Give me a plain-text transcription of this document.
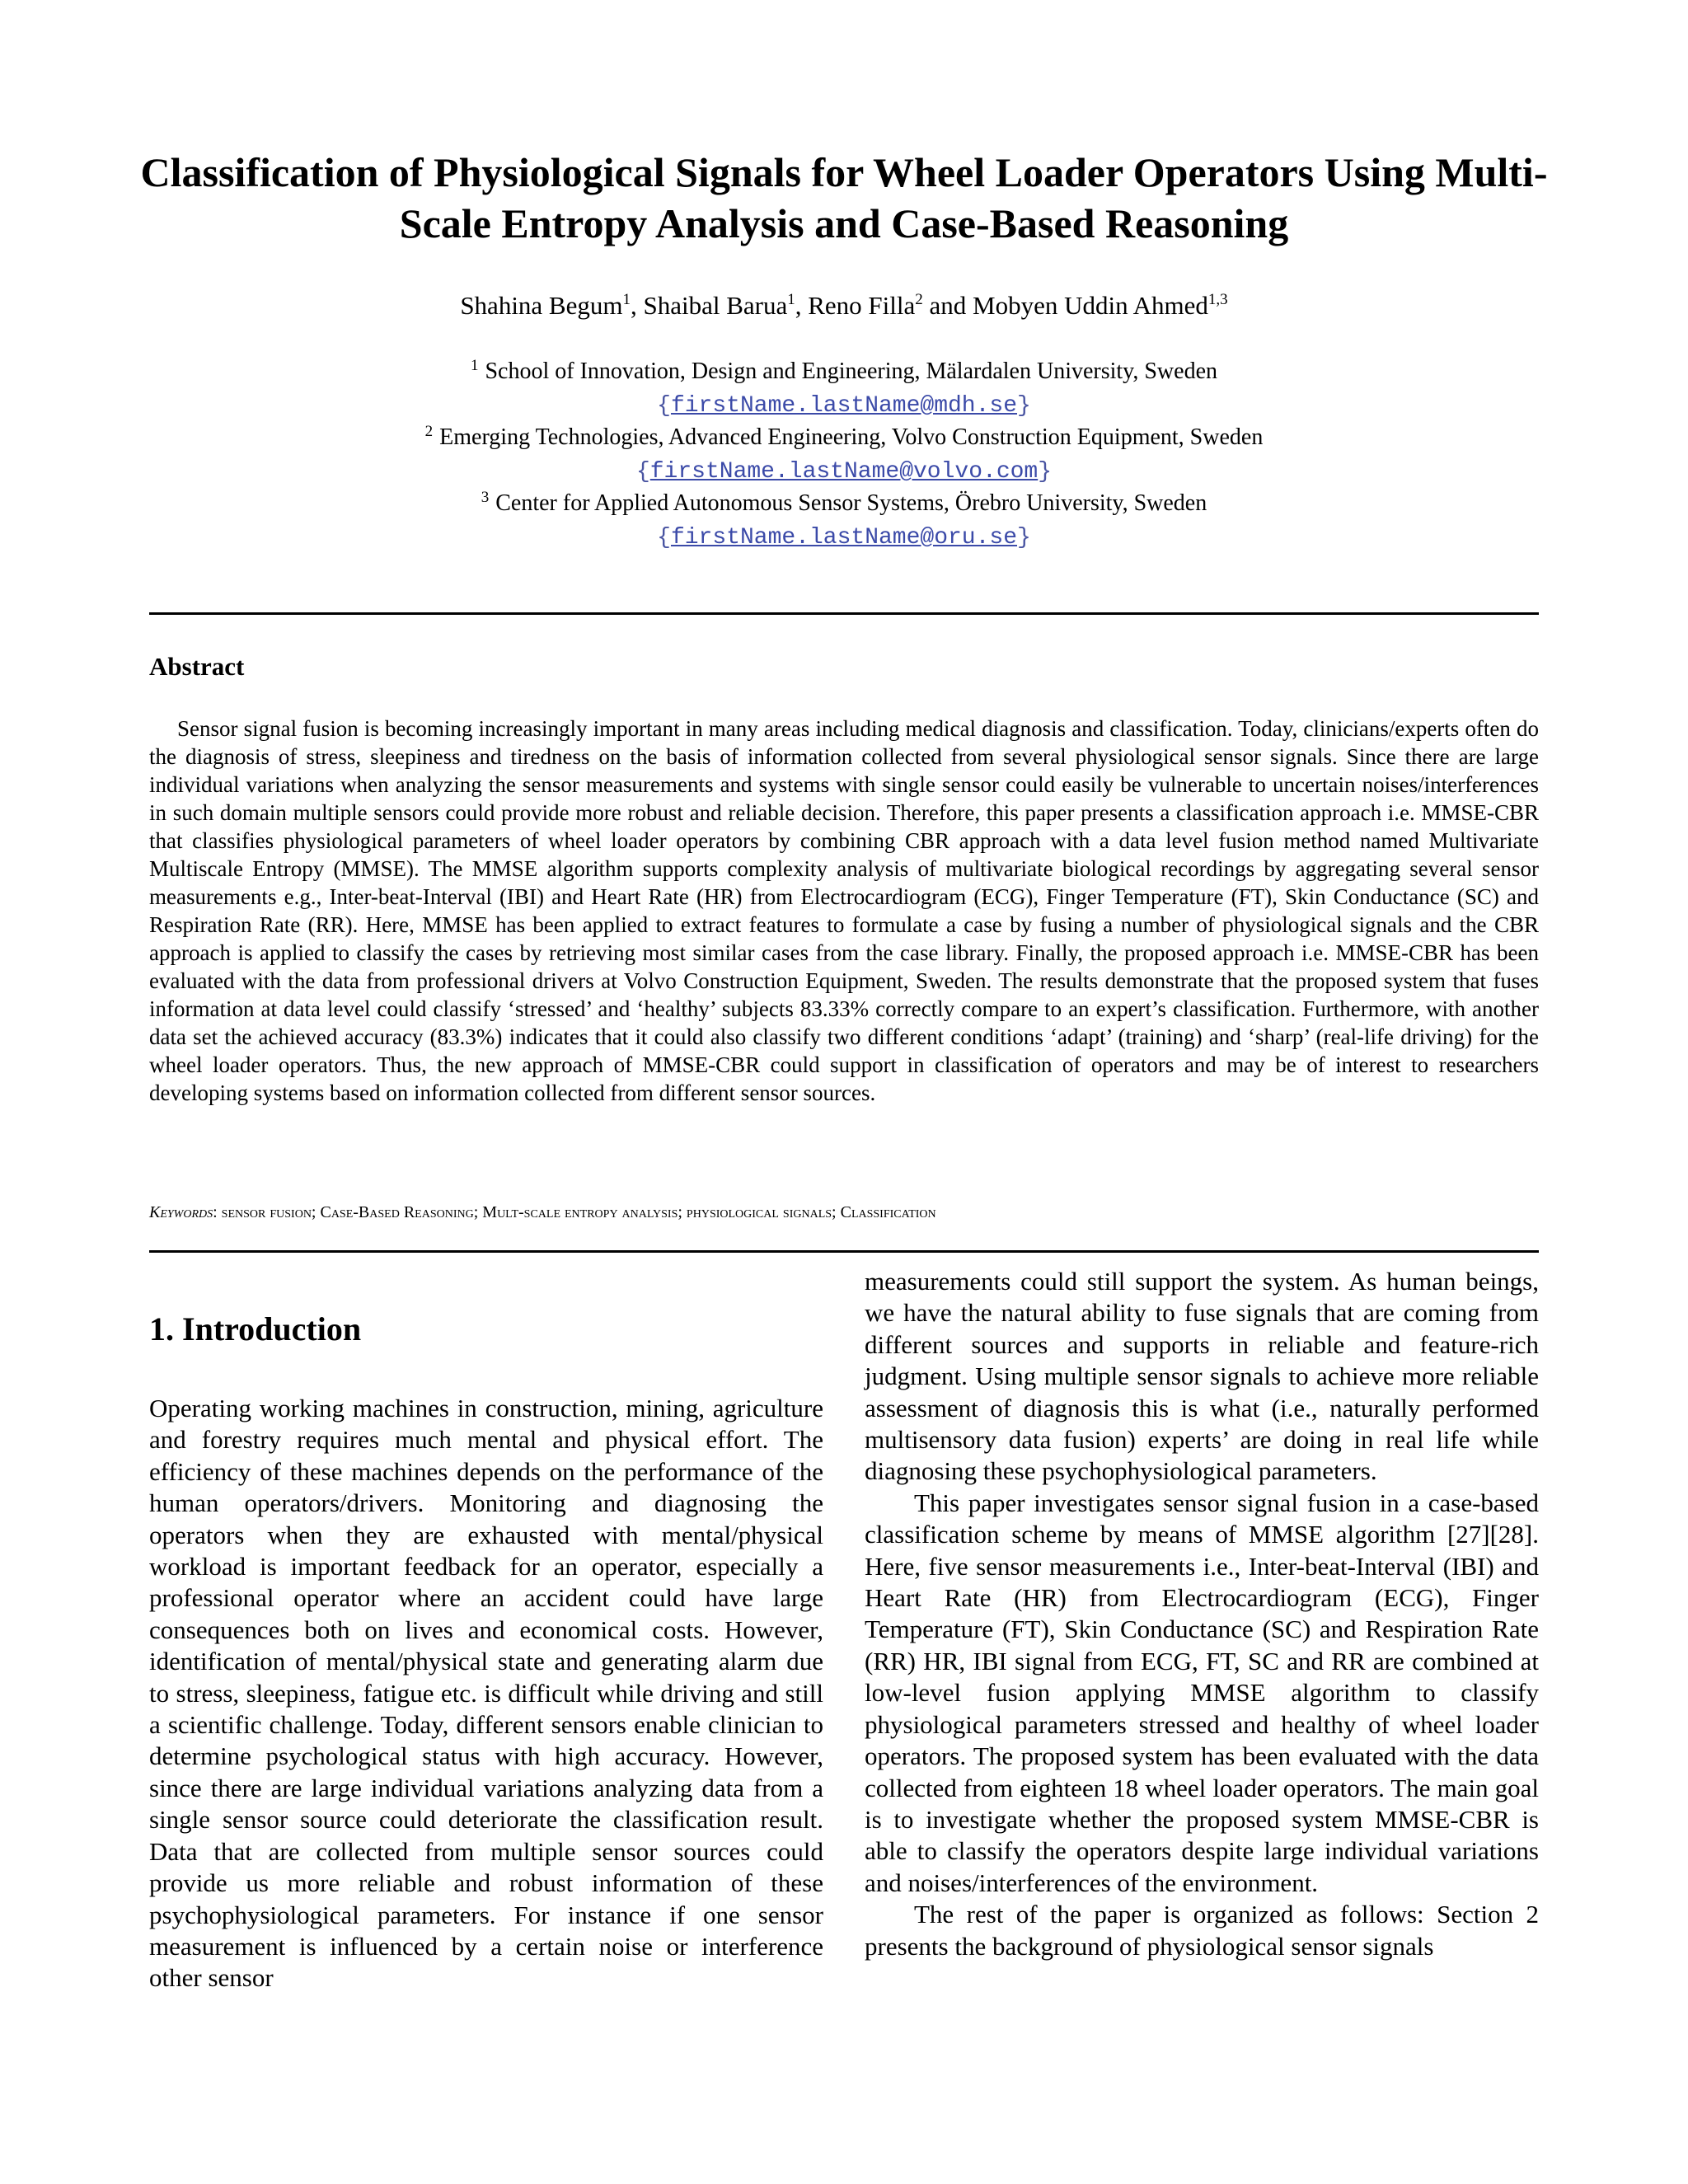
Classification of Physiological Signals for Wheel Loader Operators Using Multi-Scale Entropy Analysis and Case-Based Reasoning
Shahina Begum$^1$, Shaibal Barua$^1$, Reno Filla$^2$ and Mobyen Uddin Ahmed$^{1,3}$
$^1$ School of Innovation, Design and Engineering, Mälardalen University, Sweden
{firstName.lastName@mdh.se}
$^2$ Emerging Technologies, Advanced Engineering, Volvo Construction Equipment, Sweden
{firstName.lastName@volvo.com}
$^3$ Center for Applied Autonomous Sensor Systems, Örebro University, Sweden
{firstName.lastName@oru.se}
Abstract

Sensor signal fusion is becoming increasingly important in many areas including medical diagnosis and classification. Today, clinicians/experts often do the diagnosis of stress, sleepiness and tiredness on the basis of information collected from several physiological sensor signals. Since there are large individual variations when analyzing the sensor measurements and systems with single sensor could easily be vulnerable to uncertain noises/interferences in such domain multiple sensors could provide more robust and reliable decision. Therefore, this paper presents a classification approach i.e. MMSE-CBR that classifies physiological parameters of wheel loader operators by combining CBR approach with a data level fusion method named Multivariate Multiscale Entropy (MMSE). The MMSE algorithm supports complexity analysis of multivariate biological recordings by aggregating several sensor measurements e.g., Inter-beat-Interval (IBI) and Heart Rate (HR) from Electrocardiogram (ECG), Finger Temperature (FT), Skin Conductance (SC) and Respiration Rate (RR). Here, MMSE has been applied to extract features to formulate a case by fusing a number of physiological signals and the CBR approach is applied to classify the cases by retrieving most similar cases from the case library. Finally, the proposed approach i.e. MMSE-CBR has been evaluated with the data from professional drivers at Volvo Construction Equipment, Sweden. The results demonstrate that the proposed system that fuses information at data level could classify ‘stressed’ and ‘healthy’ subjects 83.33% correctly compare to an expert’s classification. Furthermore, with another data set the achieved accuracy (83.3%) indicates that it could also classify two different conditions ‘adapt’ (training) and ‘sharp’ (real-life driving) for the wheel loader operators. Thus, the new approach of MMSE-CBR could support in classification of operators and may be of interest to researchers developing systems based on information collected from different sensor sources.

Keywords: sensor fusion; Case-Based Reasoning; Mult-scale entropy analysis; physiological signals; Classification
1. Introduction

Operating working machines in construction, mining, agriculture and forestry requires much mental and physical effort. The efficiency of these machines depends on the performance of the human operators/drivers. Monitoring and diagnosing the operators when they are exhausted with mental/physical workload is important feedback for an operator, especially a professional operator where an accident could have large consequences both on lives and economical costs. However, identification of mental/physical state and generating alarm due to stress, sleepiness, fatigue etc. is difficult while driving and still a scientific challenge. Today, different sensors enable clinician to determine psychological status with high accuracy. However, since there are large individual variations analyzing data from a single sensor source could deteriorate the classification result. Data that are collected from multiple sensor sources could provide us more reliable and robust information of these psychophysiological parameters. For instance if one sensor measurement is influenced by a certain noise or interference other sensor

measurements could still support the system. As human beings, we have the natural ability to fuse signals that are coming from different sources and supports in reliable and feature-rich judgment. Using multiple sensor signals to achieve more reliable assessment of diagnosis this is what (i.e., naturally performed multisensory data fusion) experts’ are doing in real life while diagnosing these psychophysiological parameters.

This paper investigates sensor signal fusion in a case-based classification scheme by means of MMSE algorithm [27][28]. Here, five sensor measurements i.e., Inter-beat-Interval (IBI) and Heart Rate (HR) from Electrocardiogram (ECG), Finger Temperature (FT), Skin Conductance (SC) and Respiration Rate (RR) HR, IBI signal from ECG, FT, SC and RR are combined at low-level fusion applying MMSE algorithm to classify physiological parameters stressed and healthy of wheel loader operators. The proposed system has been evaluated with the data collected from eighteen 18 wheel loader operators. The main goal is to investigate whether the proposed system MMSE-CBR is able to classify the operators despite large individual variations and noises/interferences of the environment.

The rest of the paper is organized as follows: Section 2 presents the background of physiological sensor signals
